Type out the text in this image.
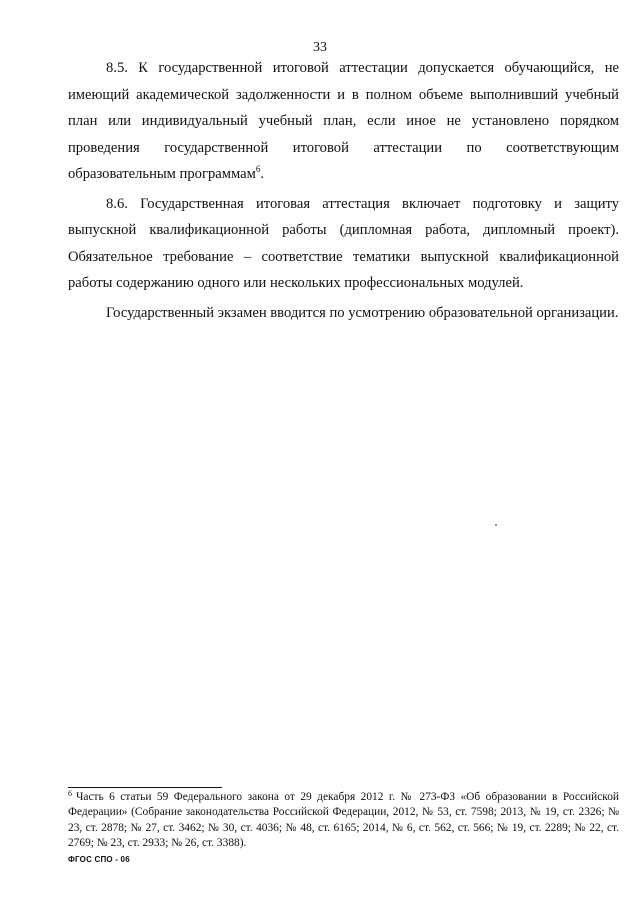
33

8.5. К государственной итоговой аттестации допускается обучающийся, не имеющий академической задолженности и в полном объеме выполнивший учебный план или индивидуальный учебный план, если иное не установлено порядком проведения государственной итоговой аттестации по соответствующим образовательным программам$^6$.

8.6. Государственная итоговая аттестация включает подготовку и защиту выпускной квалификационной работы (дипломная работа, дипломный проект). Обязательное требование – соответствие тематики выпускной квалификационной работы содержанию одного или нескольких профессиональных модулей.

Государственный экзамен вводится по усмотрению образовательной организации.

$^6$ Часть 6 статьи 59 Федерального закона от 29 декабря 2012 г. № 273-ФЗ «Об образовании в Российской Федерации» (Собрание законодательства Российской Федерации, 2012, № 53, ст. 7598; 2013, № 19, ст. 2326; № 23, ст. 2878; № 27, ст. 3462; № 30, ст. 4036; № 48, ст. 6165; 2014, № 6, ст. 562, ст. 566; № 19, ст. 2289; № 22, ст. 2769; № 23, ст. 2933; № 26, ст. 3388).
ФГОС СПО - 06
